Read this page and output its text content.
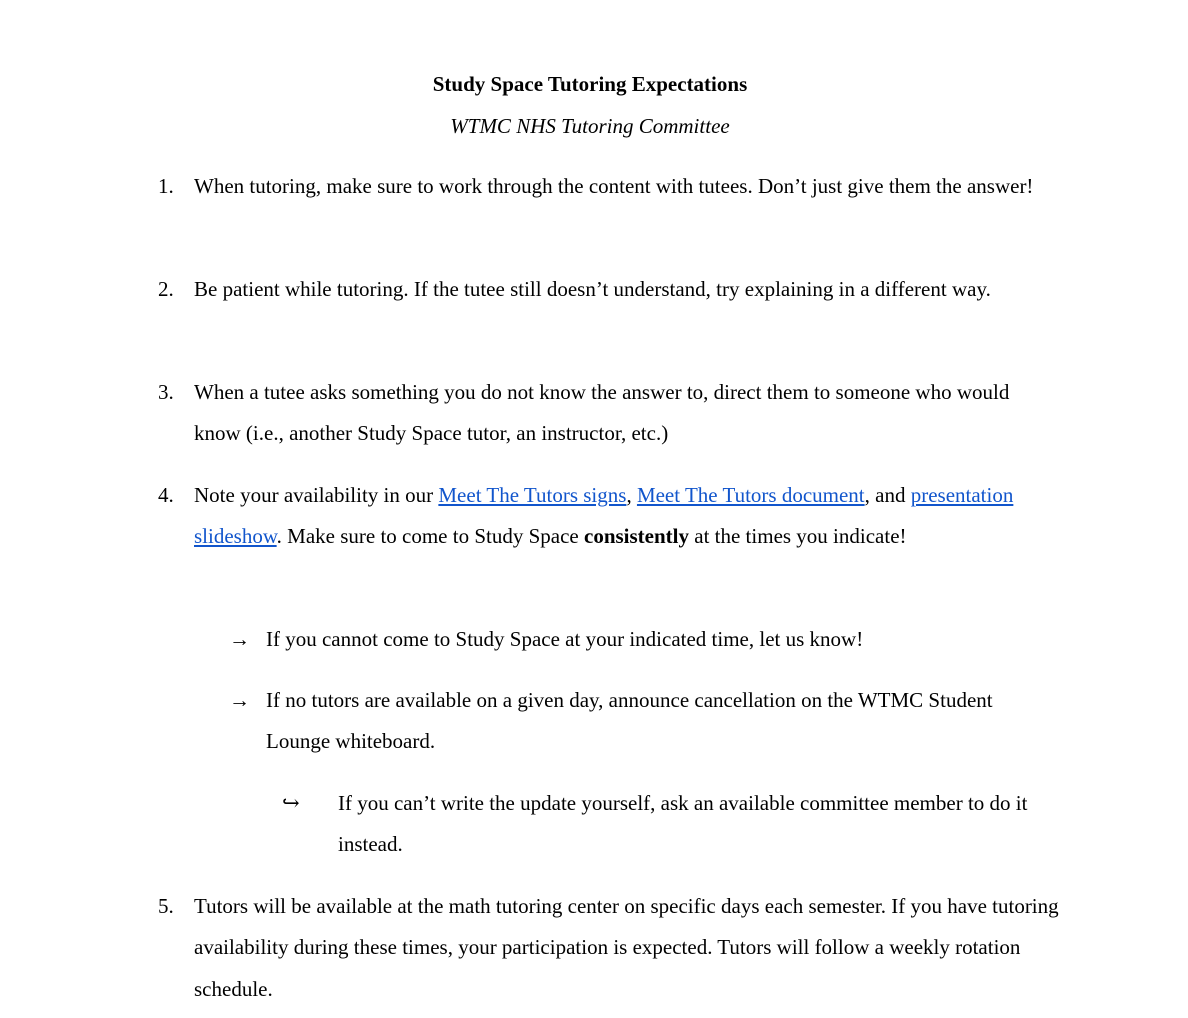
Study Space Tutoring Expectations
WTMC NHS Tutoring Committee
1. When tutoring, make sure to work through the content with tutees. Don’t just give them the answer!
2. Be patient while tutoring. If the tutee still doesn’t understand, try explaining in a different way.
3. When a tutee asks something you do not know the answer to, direct them to someone who would know (i.e., another Study Space tutor, an instructor, etc.)
4. Note your availability in our Meet The Tutors signs, Meet The Tutors document, and presentation slideshow. Make sure to come to Study Space consistently at the times you indicate!
→ If you cannot come to Study Space at your indicated time, let us know!
→ If no tutors are available on a given day, announce cancellation on the WTMC Student Lounge whiteboard.
↪	If you can’t write the update yourself, ask an available committee member to do it instead.
5. Tutors will be available at the math tutoring center on specific days each semester. If you have tutoring availability during these times, your participation is expected. Tutors will follow a weekly rotation schedule.
